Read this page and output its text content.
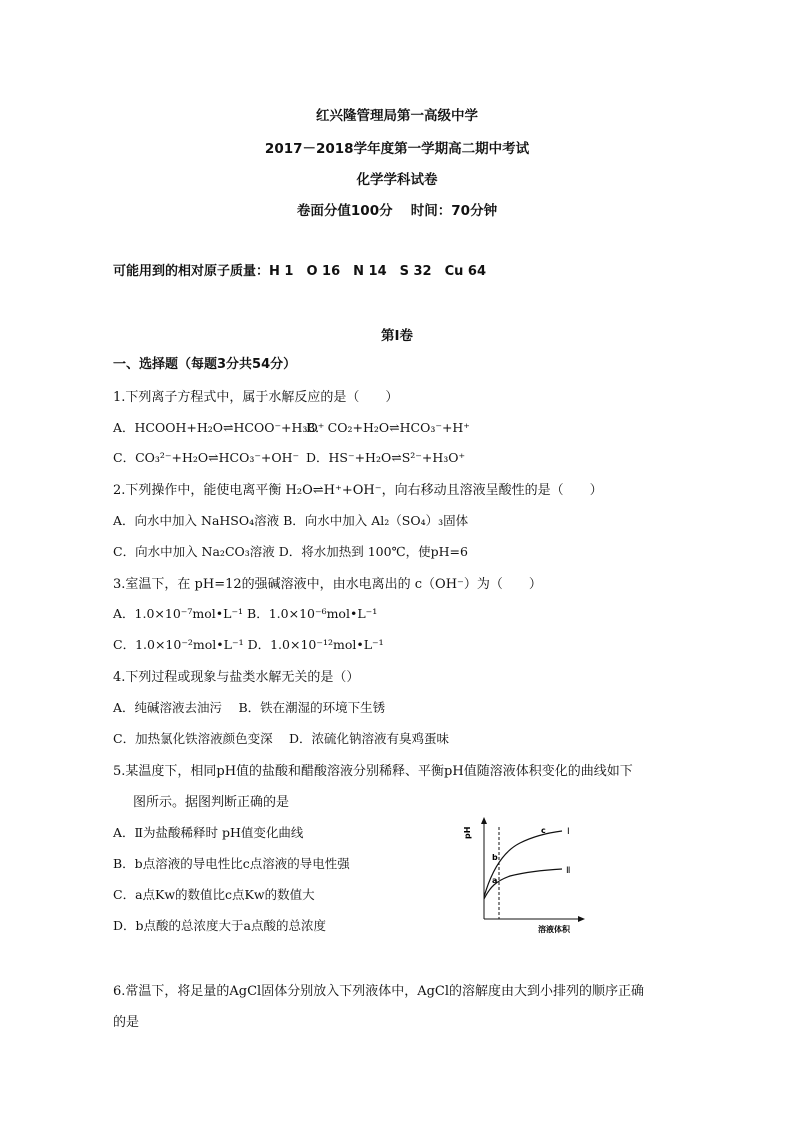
红兴隆管理局第一高级中学
2017－2018学年度第一学期高二期中考试
化学学科试卷
卷面分值100分　 时间：70分钟
可能用到的相对原子质量：H 1　O 16　N 14　S 32　Cu 64
第Ⅰ卷
一、选择题（每题3分共54分）
1.下列离子方程式中，属于水解反应的是（　　）
A．HCOOH+H₂O⇌HCOO⁻+H₃O⁺
B．CO₂+H₂O⇌HCO₃⁻+H⁺
C．CO₃²⁻+H₂O⇌HCO₃⁻+OH⁻ D．HS⁻+H₂O⇌S²⁻+H₃O⁺
2.下列操作中，能使电离平衡 H₂O⇌H⁺+OH⁻，向右移动且溶液呈酸性的是（　　）
A．向水中加入 NaHSO₄溶液 B．向水中加入 Al₂（SO₄）₃固体
C．向水中加入 Na₂CO₃溶液 D．将水加热到 100℃，使pH=6
3.室温下，在 pH=12的强碱溶液中，由水电离出的 c（OH⁻）为（　　）
A．1.0×10⁻⁷mol•L⁻¹ B．1.0×10⁻⁶mol•L⁻¹
C．1.0×10⁻²mol•L⁻¹ D．1.0×10⁻¹²mol•L⁻¹
4.下列过程或现象与盐类水解无关的是（）
A．纯碱溶液去油污　 B．铁在潮湿的环境下生锈
C．加热氯化铁溶液颜色变深　 D．浓硫化钠溶液有臭鸡蛋味
5.某温度下，相同pH值的盐酸和醋酸溶液分别稀释、平衡pH值随溶液体积变化的曲线如下
图所示。据图判断正确的是
A．Ⅱ为盐酸稀释时 pH值变化曲线
B．b点溶液的导电性比c点溶液的导电性强
C．a点Kw的数值比c点Kw的数值大
D．b点酸的总浓度大于a点酸的总浓度
pH
溶液体积
Ⅰ
Ⅱ
a
b
c
6.常温下，将足量的AgCl固体分别放入下列液体中，AgCl的溶解度由大到小排列的顺序正确
的是
